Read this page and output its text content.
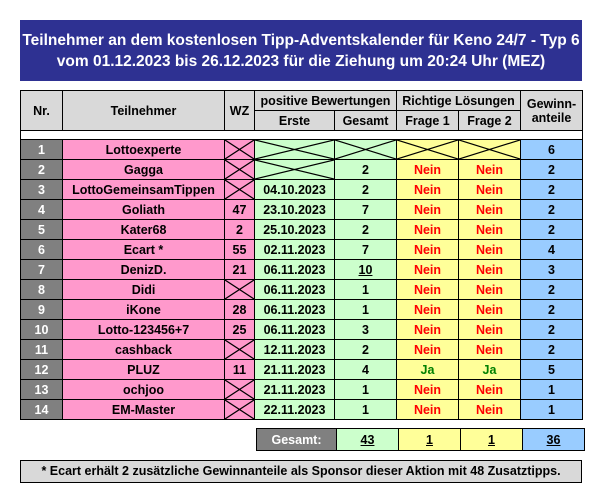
Teilnehmer an dem kostenlosen Tipp-Adventskalender für Keno 24/7 - Typ 6
vom 01.12.2023 bis 26.12.2023 für die Ziehung um 20:24 Uhr (MEZ)
Nr.	Teilnehmer	WZ	positive Bewertungen		Richtige Lösungen		Gewinn-
anteile

			Erste	Gesamt	Frage 1	Frage 2	

1	Lottoexperte						6
2	Gagga			2	Nein	Nein	2
3	LottoGemeinsamTippen		04.10.2023	2	Nein	Nein	2
4	Goliath	47	23.10.2023	7	Nein	Nein	2
5	Kater68	2	25.10.2023	2	Nein	Nein	2
6	Ecart *	55	02.11.2023	7	Nein	Nein	4
7	DenizD.	21	06.11.2023	10	Nein	Nein	3
8	Didi		06.11.2023	1	Nein	Nein	2
9	iKone	28	06.11.2023	1	Nein	Nein	2
10	Lotto-123456+7	25	06.11.2023	3	Nein	Nein	2
11	cashback		12.11.2023	2	Nein	Nein	2
12	PLUZ	11	21.11.2023	4	Ja	Ja	5
13	ochjoo		21.11.2023	1	Nein	Nein	1
14	EM-Master		22.11.2023	1	Nein	Nein	1
Gesamt:	43	1	1	36
* Ecart erhält 2 zusätzliche Gewinnanteile als Sponsor dieser Aktion mit 48 Zusatztipps.
